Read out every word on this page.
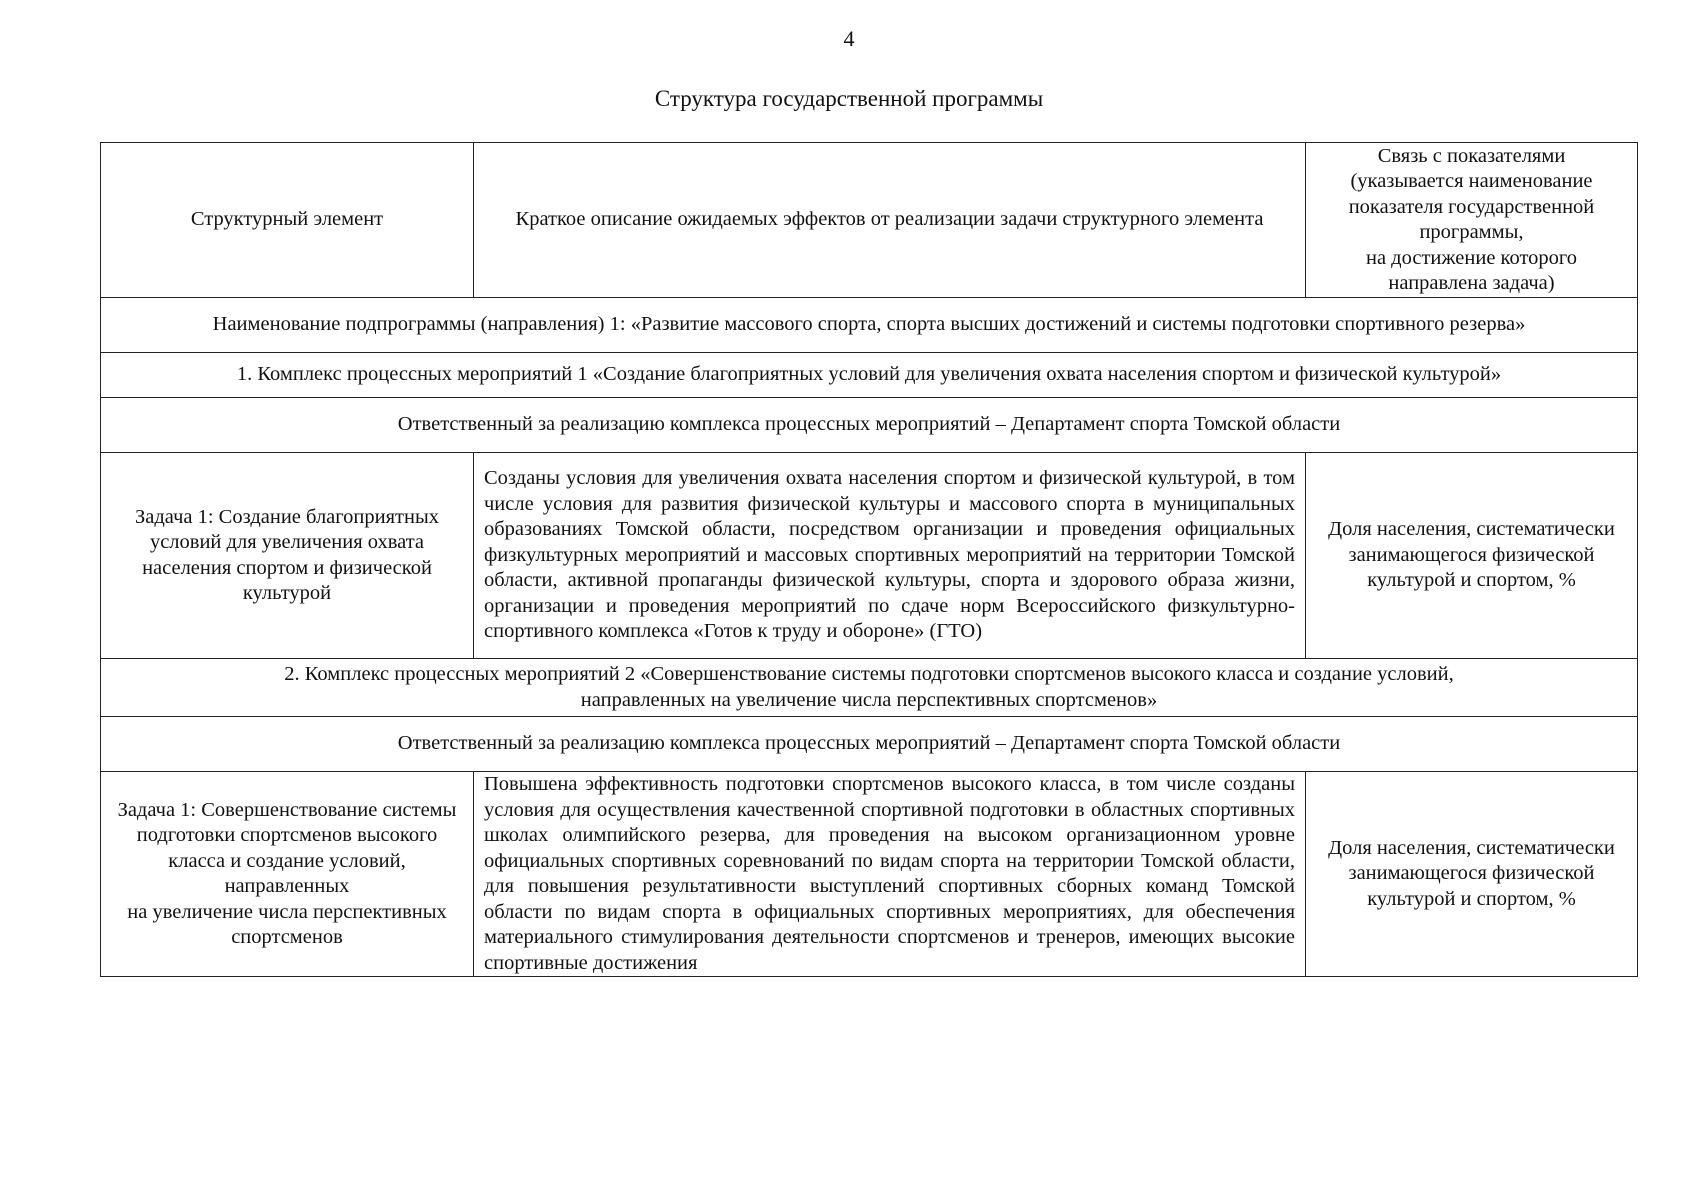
4
Структура государственной программы
Структурный элемент	Краткое описание ожидаемых эффектов от реализации задачи структурного элемента	Связь с показателями
(указывается наименование показателя государственной программы,
на достижение которого направлена задача)
Наименование подпрограммы (направления) 1: «Развитие массового спорта, спорта высших достижений и системы подготовки спортивного резерва»		
1. Комплекс процессных мероприятий 1 «Создание благоприятных условий для увеличения охвата населения спортом и физической культурой»		
Ответственный за реализацию комплекса процессных мероприятий – Департамент спорта Томской области		
Задача 1: Создание благоприятных условий для увеличения охвата населения спортом и физической культурой	Созданы условия для увеличения охвата населения спортом и физической культурой, в том числе условия для развития физической культуры и массового спорта в муниципальных образованиях Томской области, посредством организации и проведения официальных физкультурных мероприятий и массовых спортивных мероприятий на территории Томской области, активной пропаганды физической культуры, спорта и здорового образа жизни, организации и проведения мероприятий по сдаче норм Всероссийского физкультурно-спортивного комплекса «Готов к труду и обороне» (ГТО)	Доля населения, систематически занимающегося физической культурой и спортом, %
2. Комплекс процессных мероприятий 2 «Совершенствование системы подготовки спортсменов высокого класса и создание условий,
направленных на увеличение числа перспективных спортсменов»		
Ответственный за реализацию комплекса процессных мероприятий – Департамент спорта Томской области		
Задача 1: Совершенствование системы подготовки спортсменов высокого класса и создание условий, направленных
на увеличение числа перспективных спортсменов	Повышена эффективность подготовки спортсменов высокого класса, в том числе созданы условия для осуществления качественной спортивной подготовки в областных спортивных школах олимпийского резерва, для проведения на высоком организационном уровне официальных спортивных соревнований по видам спорта на территории Томской области, для повышения результативности выступлений спортивных сборных команд Томской области по видам спорта в официальных спортивных мероприятиях, для обеспечения материального стимулирования деятельности спортсменов и тренеров, имеющих высокие спортивные достижения	Доля населения, систематически занимающегося физической культурой и спортом, %
